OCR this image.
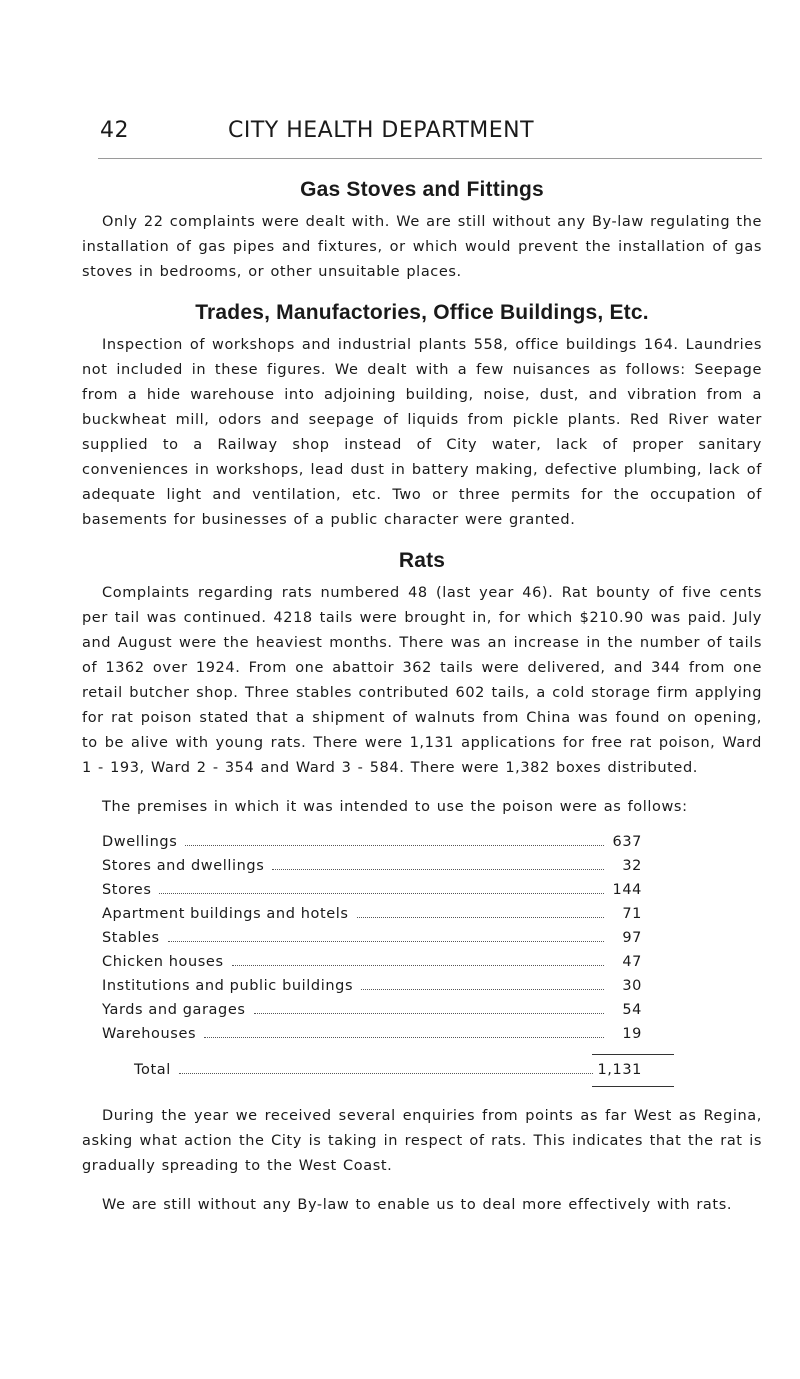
42	CITY HEALTH DEPARTMENT
Gas Stoves and Fittings

Only 22 complaints were dealt with. We are still without any By-law regulating the installation of gas pipes and fixtures, or which would prevent the installation of gas stoves in bedrooms, or other unsuitable places.

Trades, Manufactories, Office Buildings, Etc.

Inspection of workshops and industrial plants 558, office buildings 164. Laundries not included in these figures. We dealt with a few nuisances as follows: Seepage from a hide warehouse into adjoining building, noise, dust, and vibration from a buckwheat mill, odors and seepage of liquids from pickle plants. Red River water supplied to a Railway shop instead of City water, lack of proper sanitary conveniences in workshops, lead dust in battery making, defective plumbing, lack of adequate light and ventilation, etc. Two or three permits for the occupation of basements for businesses of a public character were granted.

Rats

Complaints regarding rats numbered 48 (last year 46). Rat bounty of five cents per tail was continued. 4218 tails were brought in, for which $210.90 was paid. July and August were the heaviest months. There was an increase in the number of tails of 1362 over 1924. From one abattoir 362 tails were delivered, and 344 from one retail butcher shop. Three stables contributed 602 tails, a cold storage firm applying for rat poison stated that a shipment of walnuts from China was found on opening, to be alive with young rats. There were 1,131 applications for free rat poison, Ward 1 - 193, Ward 2 - 354 and Ward 3 - 584. There were 1,382 boxes distributed.

The premises in which it was intended to use the poison were as follows:

Dwellings	637
Stores and dwellings	32
Stores	144
Apartment buildings and hotels	71
Stables	97
Chicken houses	47
Institutions and public buildings	30
Yards and garages	54
Warehouses	19
Total	1,131

During the year we received several enquiries from points as far West as Regina, asking what action the City is taking in respect of rats. This indicates that the rat is gradually spreading to the West Coast.

We are still without any By-law to enable us to deal more effectively with rats.
